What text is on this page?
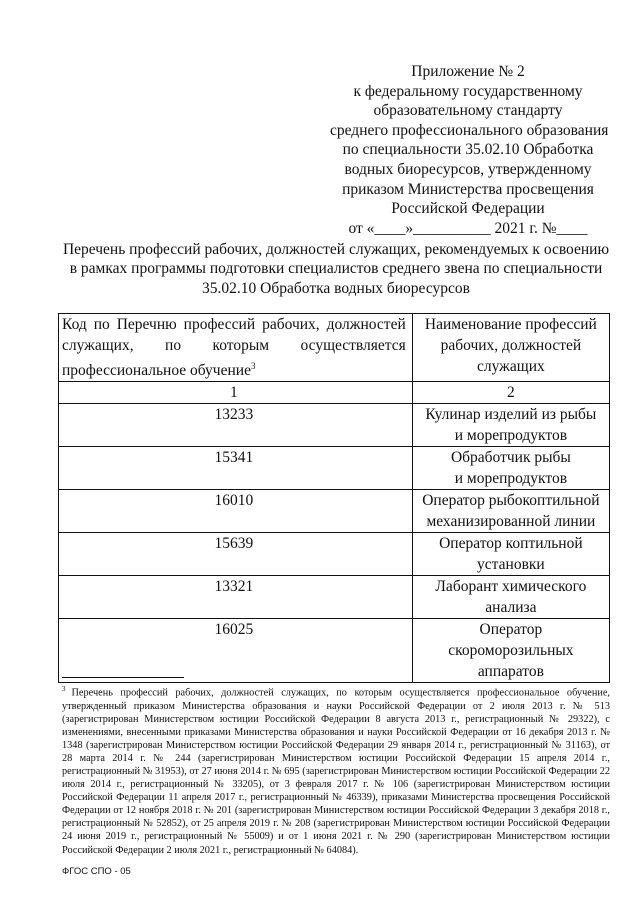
Приложение № 2
к федеральному государственному
образовательному стандарту
среднего профессионального образования
по специальности 35.02.10 Обработка
водных биоресурсов, утвержденному
приказом Министерства просвещения
Российской Федерации
от «____»__________ 2021 г. №____
Перечень профессий рабочих, должностей служащих, рекомендуемых к освоению
в рамках программы подготовки специалистов среднего звена по специальности
35.02.10 Обработка водных биоресурсов
Код по Перечню профессий рабочих, должностей служащих, по которым осуществляется профессиональное обучение$^3$	Наименование профессий
рабочих, должностей
служащих

1	2
13233	Кулинар изделий из рыбы
и морепродуктов

15341	Обработчик рыбы
и морепродуктов

16010	Оператор рыбокоптильной
механизированной линии

15639	Оператор коптильной
установки

13321	Лаборант химического
анализа

16025	Оператор скороморозильных
аппаратов
$^3$ Перечень профессий рабочих, должностей служащих, по которым осуществляется профессиональное обучение, утвержденный приказом Министерства образования и науки Российской Федерации от 2 июля 2013 г. № 513 (зарегистрирован Министерством юстиции Российской Федерации 8 августа 2013 г., регистрационный № 29322), с изменениями, внесенными приказами Министерства образования и науки Российской Федерации от 16 декабря 2013 г. № 1348 (зарегистрирован Министерством юстиции Российской Федерации 29 января 2014 г., регистрационный № 31163), от 28 марта 2014 г. № 244 (зарегистрирован Министерством юстиции Российской Федерации 15 апреля 2014 г., регистрационный № 31953), от 27 июня 2014 г. № 695 (зарегистрирован Министерством юстиции Российской Федерации 22 июля 2014 г., регистрационный № 33205), от 3 февраля 2017 г. № 106 (зарегистрирован Министерством юстиции Российской Федерации 11 апреля 2017 г., регистрационный № 46339), приказами Министерства просвещения Российской Федерации от 12 ноября 2018 г. № 201 (зарегистрирован Министерством юстиции Российской Федерации 3 декабря 2018 г., регистрационный № 52852), от 25 апреля 2019 г. № 208 (зарегистрирован Министерством юстиции Российской Федерации 24 июня 2019 г., регистрационный № 55009) и от 1 июня 2021 г. № 290 (зарегистрирован Министерством юстиции Российской Федерации 2 июля 2021 г., регистрационный № 64084).
ФГОС СПО - 05
